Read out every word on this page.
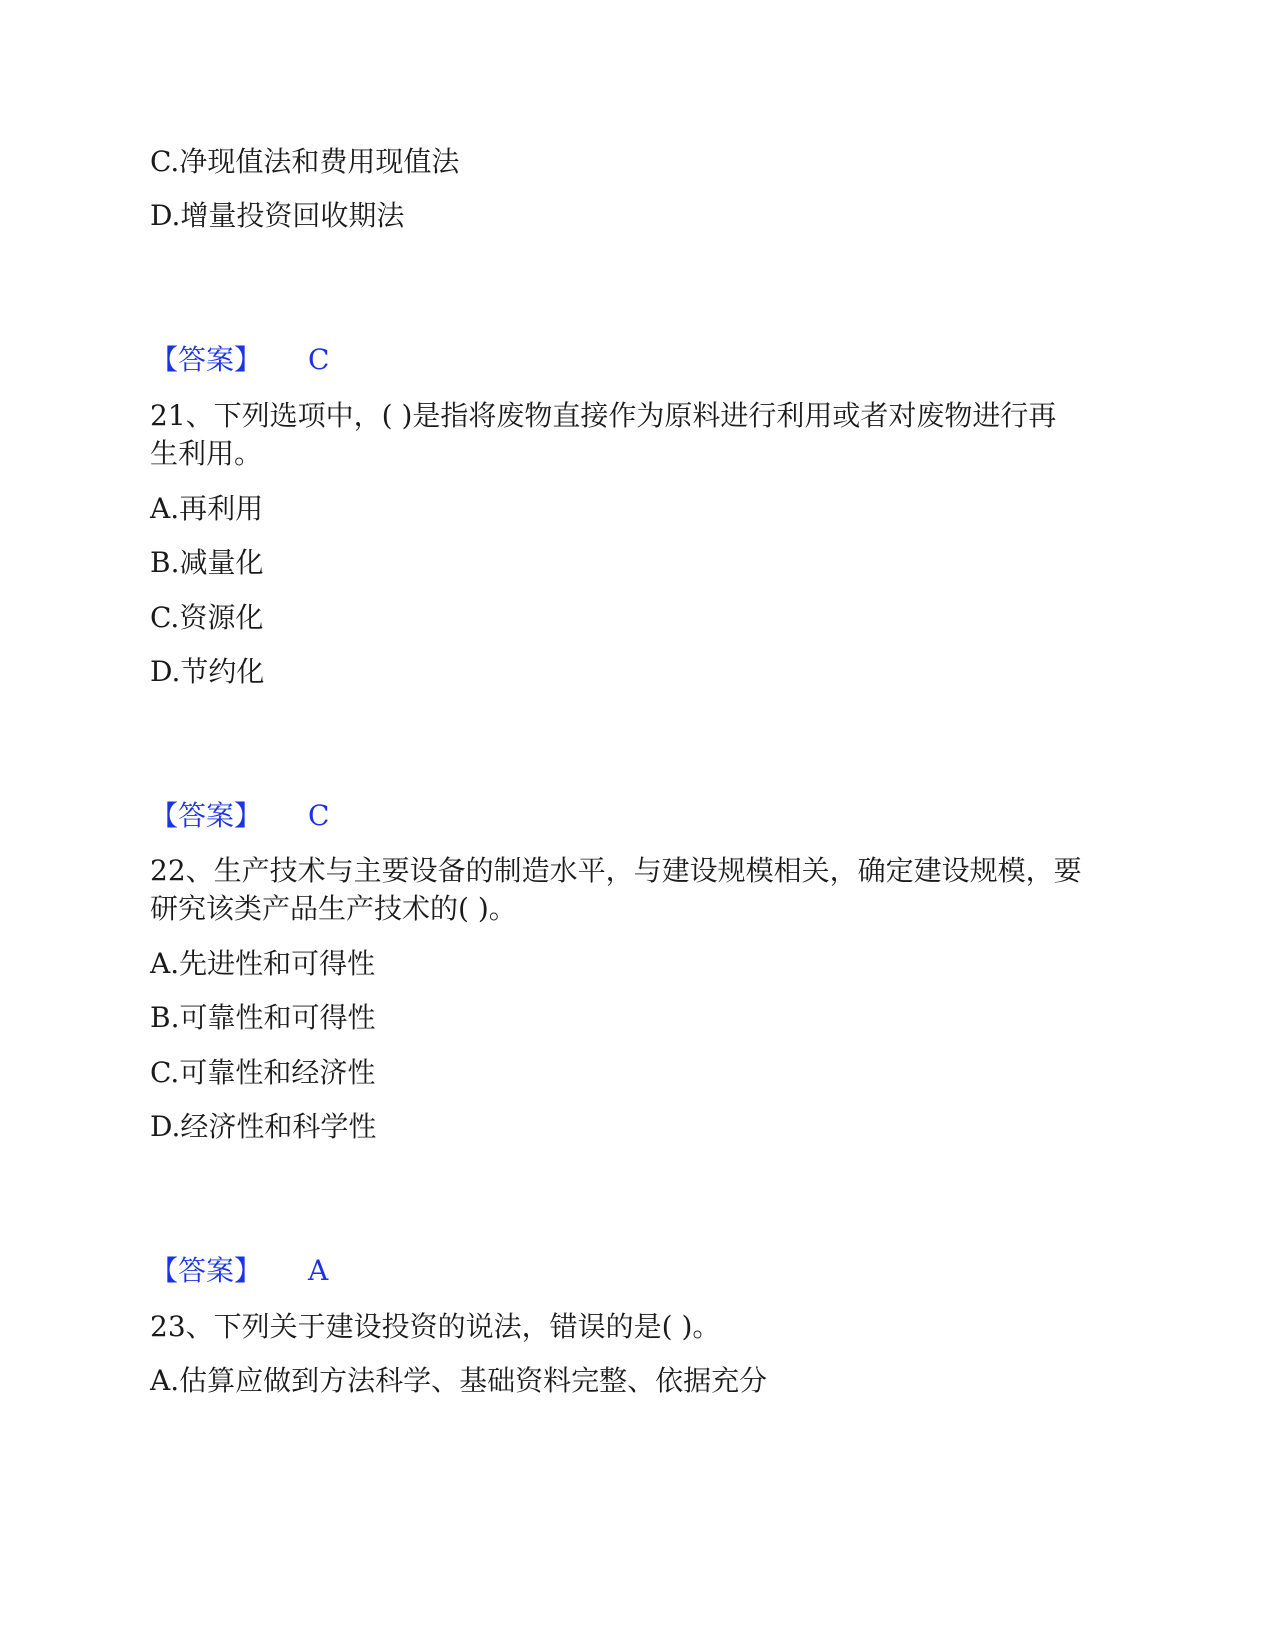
C.净现值法和费用现值法
D.增量投资回收期法
【答案】 C
21、下列选项中，( )是指将废物直接作为原料进行利用或者对废物进行再
生利用。
A.再利用
B.减量化
C.资源化
D.节约化
【答案】 C
22、生产技术与主要设备的制造水平，与建设规模相关，确定建设规模，要
研究该类产品生产技术的( )。
A.先进性和可得性
B.可靠性和可得性
C.可靠性和经济性
D.经济性和科学性
【答案】 A
23、下列关于建设投资的说法，错误的是( )。
A.估算应做到方法科学、基础资料完整、依据充分
